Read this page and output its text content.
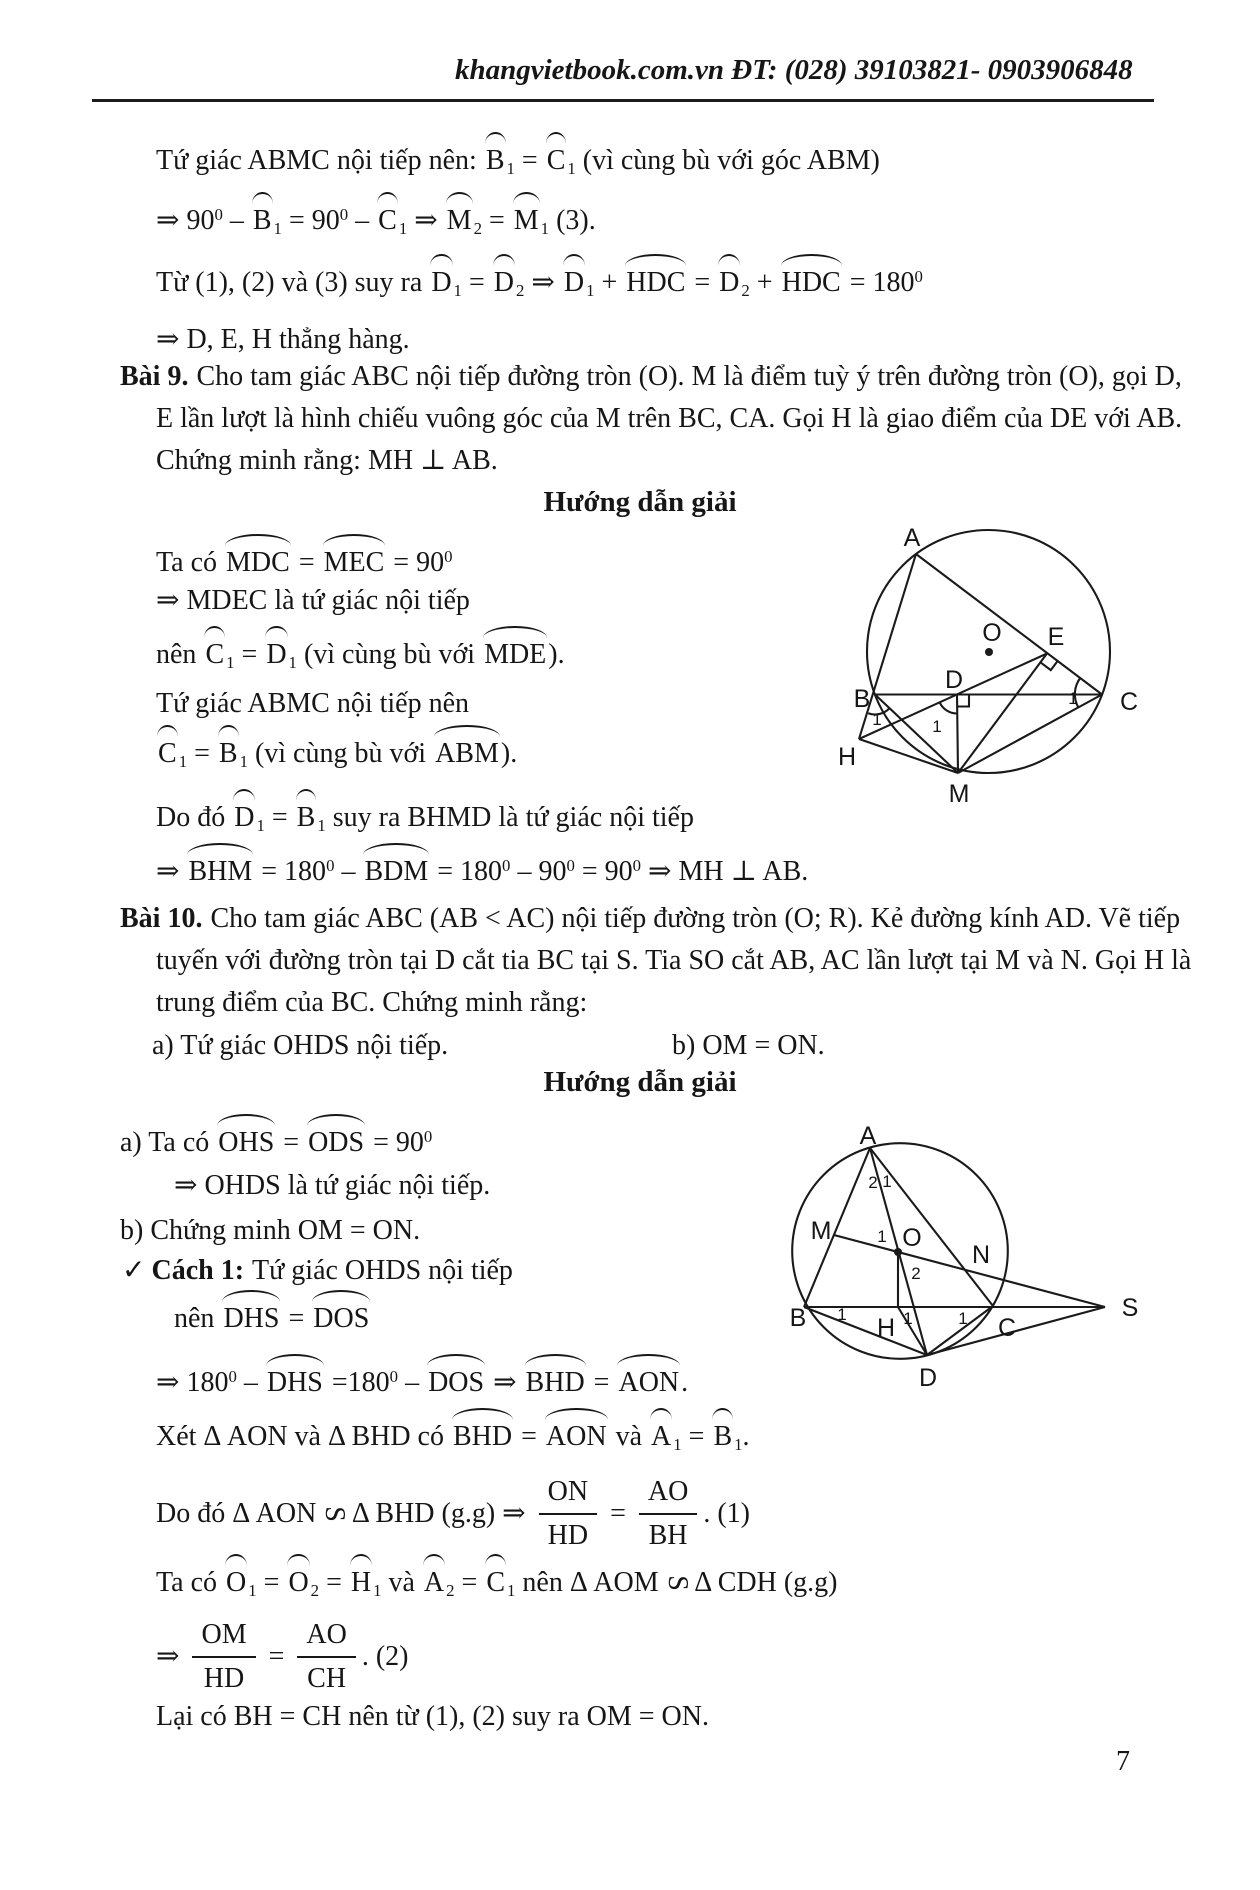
khangvietbook.com.vn ĐT: (028) 39103821- 0903906848
Tứ giác ABMC nội tiếp nên: B $_1$ = C $_1$ (vì cùng bù với góc ABM)
⇒ $90^0$ – B $_1 = 90^0 - C$ $_1$ ⇒ M $_2$ = M $_1$ (3).
Từ (1), (2) và (3) suy ra D $_1$ = D $_2$ ⇒ D $_1$ + HDC = D $_2$ + HDC = $180^0$
⇒ D, E, H thẳng hàng.
Bài 9. Cho tam giác ABC nội tiếp đường tròn (O). M là điểm tuỳ ý trên đường tròn (O), gọi D, E lần lượt là hình chiếu vuông góc của M trên BC, CA. Gọi H là giao điểm của DE với AB. Chứng minh rằng: MH ⊥ AB.
Hướng dẫn giải
Ta có MDC = MEC = $90^0$
⇒ MDEC là tứ giác nội tiếp
nên C $_1$ = D $_1$ (vì cùng bù với MDE).
Tứ giác ABMC nội tiếp nên
C $_1$ = B $_1$ (vì cùng bù với ABM).
Do đó D $_1$ = B $_1$ suy ra BHMD là tứ giác nội tiếp
⇒ BHM = $180^0$ – BDM = $180^0 - 90^0 = 90^0$ ⇒ MH ⊥ AB.
A
B	C
D
E
H
M
O
1	1
1
Bài 10. Cho tam giác ABC (AB < AC) nội tiếp đường tròn (O; R). Kẻ đường kính AD. Vẽ tiếp tuyến với đường tròn tại D cắt tia BC tại S. Tia SO cắt AB, AC lần lượt tại M và N. Gọi H là trung điểm của BC. Chứng minh rằng:
a) Tứ giác OHDS nội tiếp.	b) OM = ON.
Hướng dẫn giải
a) Ta có OHS = ODS = $90^0$
⇒ OHDS là tứ giác nội tiếp.
b) Chứng minh OM = ON.
✓ Cách 1: Tứ giác OHDS nội tiếp
nên DHS = DOS
⇒ $180^0$ – DHS $=180^0$ – DOS ⇒ BHD = AON.
Xét Δ AON và Δ BHD có BHD = AON và A $_1$ = B $_1$.
Do đó Δ AON S Δ BHD (g.g) ⇒ $\frac{ON}{HD} = \frac{AO}{BH}$ . (1)
Ta có O $_1$ = O $_2$ = H $_1$ và A $_2$ = C $_1$ nên Δ AOM S Δ CDH (g.g)
⇒ $\frac{OM}{HD} = \frac{AO}{CH}$ . (2)
Lại có BH = CH nên từ (1), (2) suy ra OM = ON.
A
B	C
D
H
M
N
O
S
2 1
1
2
1	1	1
7
